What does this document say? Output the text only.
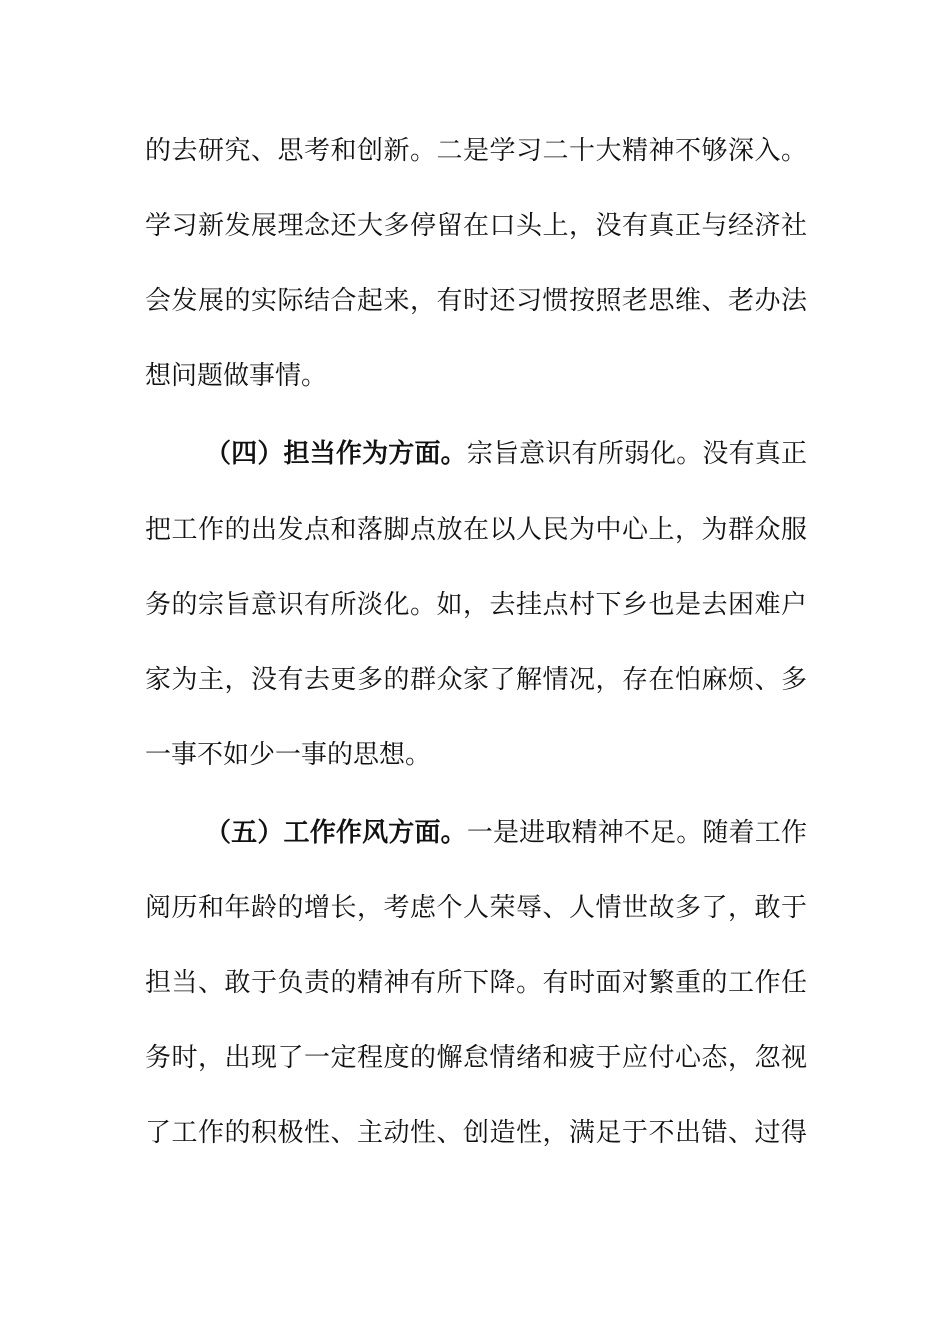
的去研究、思考和创新。二是学习二十大精神不够深入。
学习新发展理念还大多停留在口头上，没有真正与经济社
会发展的实际结合起来，有时还习惯按照老思维、老办法
想问题做事情。
（四）担当作为方面。宗旨意识有所弱化。没有真正
把工作的出发点和落脚点放在以人民为中心上，为群众服
务的宗旨意识有所淡化。如，去挂点村下乡也是去困难户
家为主，没有去更多的群众家了解情况，存在怕麻烦、多
一事不如少一事的思想。
（五）工作作风方面。一是进取精神不足。随着工作
阅历和年龄的增长，考虑个人荣辱、人情世故多了，敢于
担当、敢于负责的精神有所下降。有时面对繁重的工作任
务时，出现了一定程度的懈怠情绪和疲于应付心态，忽视
了工作的积极性、主动性、创造性，满足于不出错、过得
